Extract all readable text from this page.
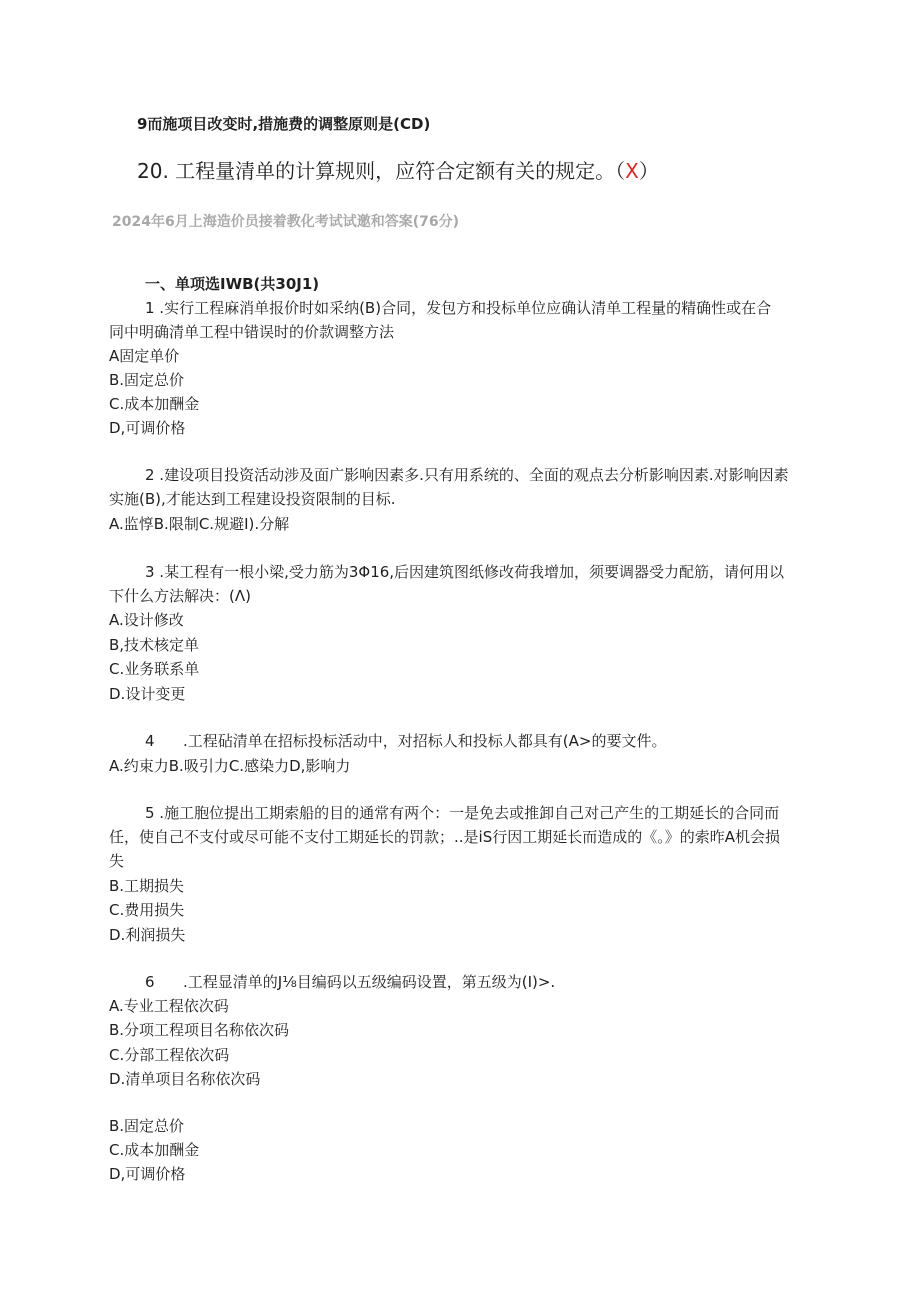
9而施项目改变时,措施费的调整原则是(CD)
20. 工程量清单的计算规则，应符合定额有关的规定。（X）
2024年6月上海造价员接着教化考试试邀和答案(76分)
一、单项选IWB(共30J1)
1 .实行工程麻消单报价时如采纳(B)合同，发包方和投标单位应确认清单工程量的精确性或在合
同中明确清单工程中错误时的价款调整方法
A固定单价
B.固定总价
C.成本加酬金
D,可调价格
2 .建设项目投资活动涉及面广影响因素多.只有用系统的、全面的观点去分析影响因素.对影响因素
实施(B),才能达到工程建设投资限制的目标.
A.监惇B.限制C.规避I).分解
3 .某工程有一根小梁,受力筋为3Φ16,后因建筑图纸修改荷我增加，须要调器受力配筋，请何用以
下什么方法解决：(Λ)
A.设计修改
B,技术核定单
C.业务联系单
D.设计变更
4 .工程砧清单在招标投标活动中，对招标人和投标人都具有(A>的要文件。
A.约束力B.吸引力C.感染力D,影响力
5 .施工胞位提出工期索船的目的通常有两个：一是免去或推卸自己对己产生的工期延长的合同而
任，使自己不支付或尽可能不支付工期延长的罚款；..是iS行因工期延长而造成的《。》的索昨A机会损
失
B.工期损失
C.费用损失
D.利润损失
6 .工程显清单的J⅛目编码以五级编码设置，第五级为(I)>.
A.专业工程依次码
B.分项工程项目名称依次码
C.分部工程依次码
D.清单项目名称依次码
B.固定总价
C.成本加酬金
D,可调价格
